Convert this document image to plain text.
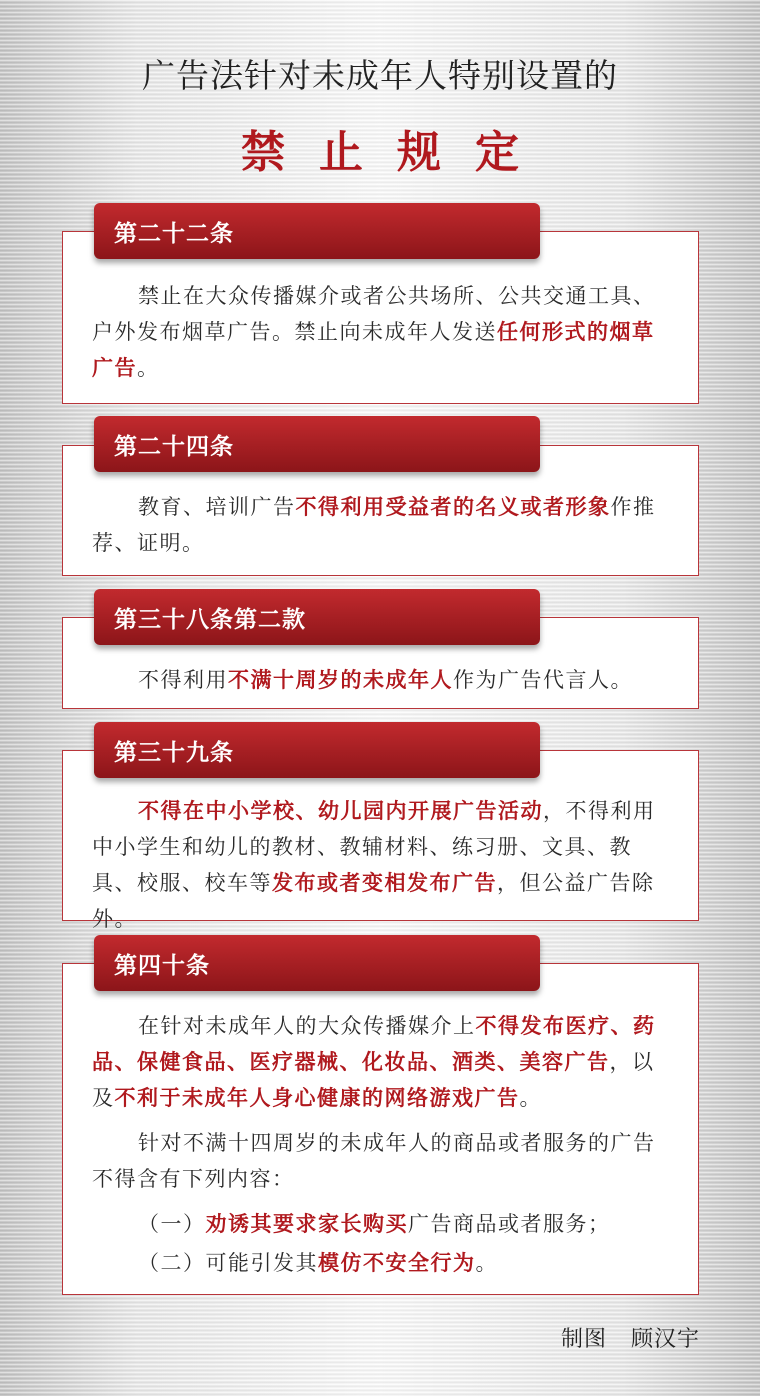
广告法针对未成年人特别设置的
禁止规定
第二十二条

禁止在大众传播媒介或者公共场所、公共交通工具、户外发布烟草广告。禁止向未成年人发送任何形式的烟草广告。

第二十四条

教育、培训广告不得利用受益者的名义或者形象作推荐、证明。

第三十八条第二款

不得利用不满十周岁的未成年人作为广告代言人。

第三十九条

不得在中小学校、幼儿园内开展广告活动，不得利用中小学生和幼儿的教材、教辅材料、练习册、文具、教具、校服、校车等发布或者变相发布广告，但公益广告除外。

第四十条

在针对未成年人的大众传播媒介上不得发布医疗、药品、保健食品、医疗器械、化妆品、酒类、美容广告，以及不利于未成年人身心健康的网络游戏广告。

针对不满十四周岁的未成年人的商品或者服务的广告不得含有下列内容：

（一）劝诱其要求家长购买广告商品或者服务；

（二）可能引发其模仿不安全行为。

制图 顾汉宇
